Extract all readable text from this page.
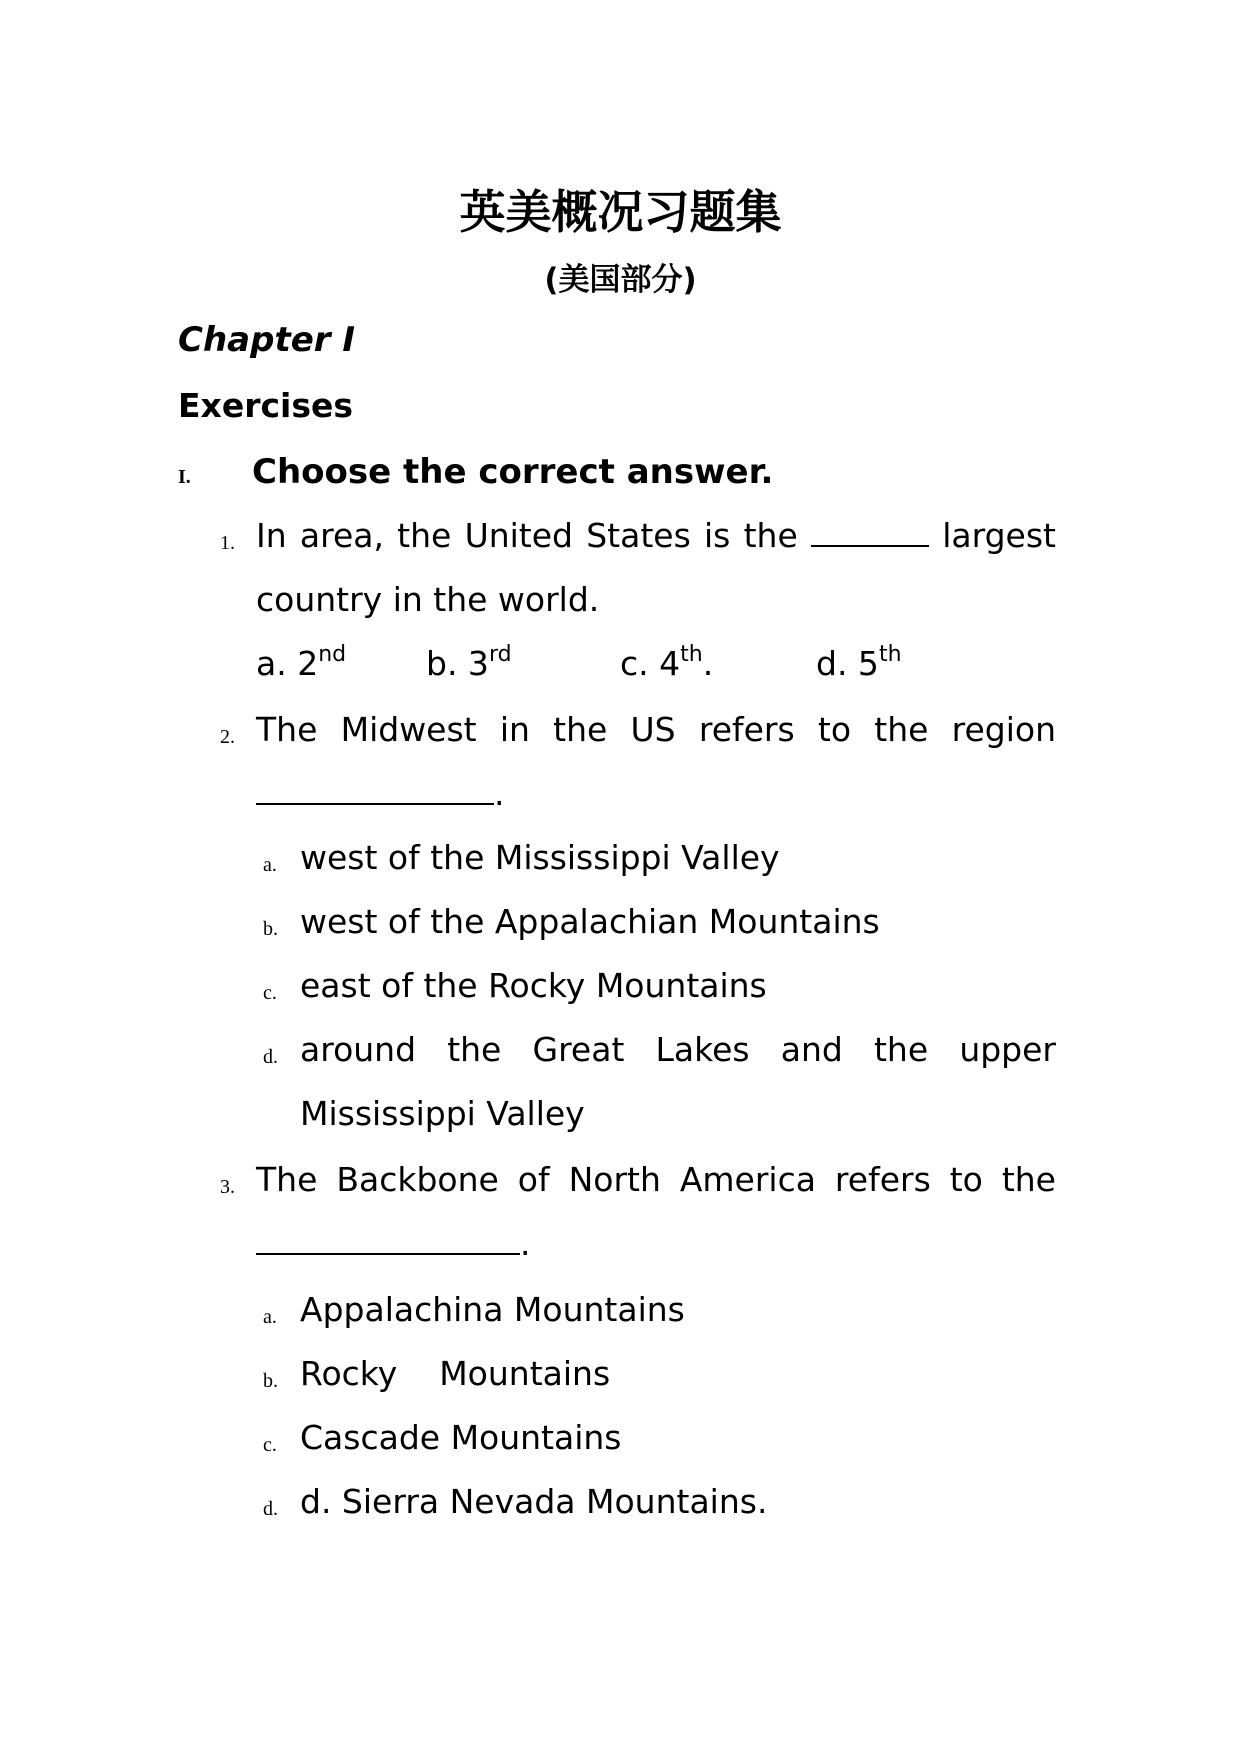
英美概况习题集
(美国部分)
Chapter I
Exercises
I. Choose the correct answer.
1. In area, the United States is the	largest
country in the world.
a. 2nd b. 3rd	c. 4th.	d. 5th
2. The Midwest in the US refers to the region
.
a. west of the Mississippi Valley
b. west of the Appalachian Mountains
c. east of the Rocky Mountains
d. around the Great Lakes and the upper
Mississippi Valley
3. The Backbone of North America refers to the
.
a. Appalachina Mountains
b. Rocky    Mountains
c. Cascade Mountains
d. d. Sierra Nevada Mountains.
